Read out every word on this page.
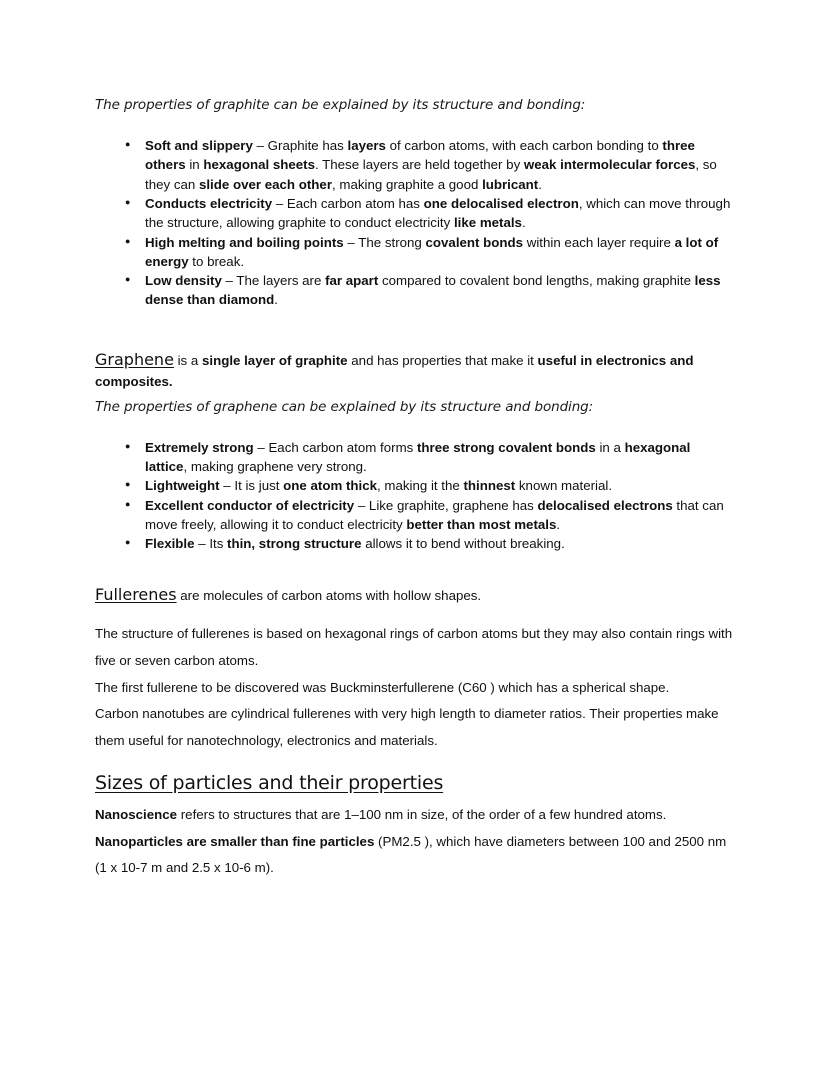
The properties of graphite can be explained by its structure and bonding:

● Soft and slippery – Graphite has layers of carbon atoms, with each carbon bonding to three others in hexagonal sheets. These layers are held together by weak intermolecular forces, so they can slide over each other, making graphite a good lubricant.
● Conducts electricity – Each carbon atom has one delocalised electron, which can move through the structure, allowing graphite to conduct electricity like metals.
● High melting and boiling points – The strong covalent bonds within each layer require a lot of energy to break.
● Low density – The layers are far apart compared to covalent bond lengths, making graphite less dense than diamond.

Graphene is a single layer of graphite and has properties that make it useful in electronics and composites.

The properties of graphene can be explained by its structure and bonding:

● Extremely strong – Each carbon atom forms three strong covalent bonds in a hexagonal lattice, making graphene very strong.
● Lightweight – It is just one atom thick, making it the thinnest known material.
● Excellent conductor of electricity – Like graphite, graphene has delocalised electrons that can move freely, allowing it to conduct electricity better than most metals.
● Flexible – Its thin, strong structure allows it to bend without breaking.

Fullerenes are molecules of carbon atoms with hollow shapes.

The structure of fullerenes is based on hexagonal rings of carbon atoms but they may also contain rings with five or seven carbon atoms.

The first fullerene to be discovered was Buckminsterfullerene (C60 ) which has a spherical shape.

Carbon nanotubes are cylindrical fullerenes with very high length to diameter ratios. Their properties make them useful for nanotechnology, electronics and materials.

Sizes of particles and their properties

Nanoscience refers to structures that are 1–100 nm in size, of the order of a few hundred atoms.

Nanoparticles are smaller than fine particles (PM2.5 ), which have diameters between 100 and 2500 nm (1 x 10-7 m and 2.5 x 10-6 m).
